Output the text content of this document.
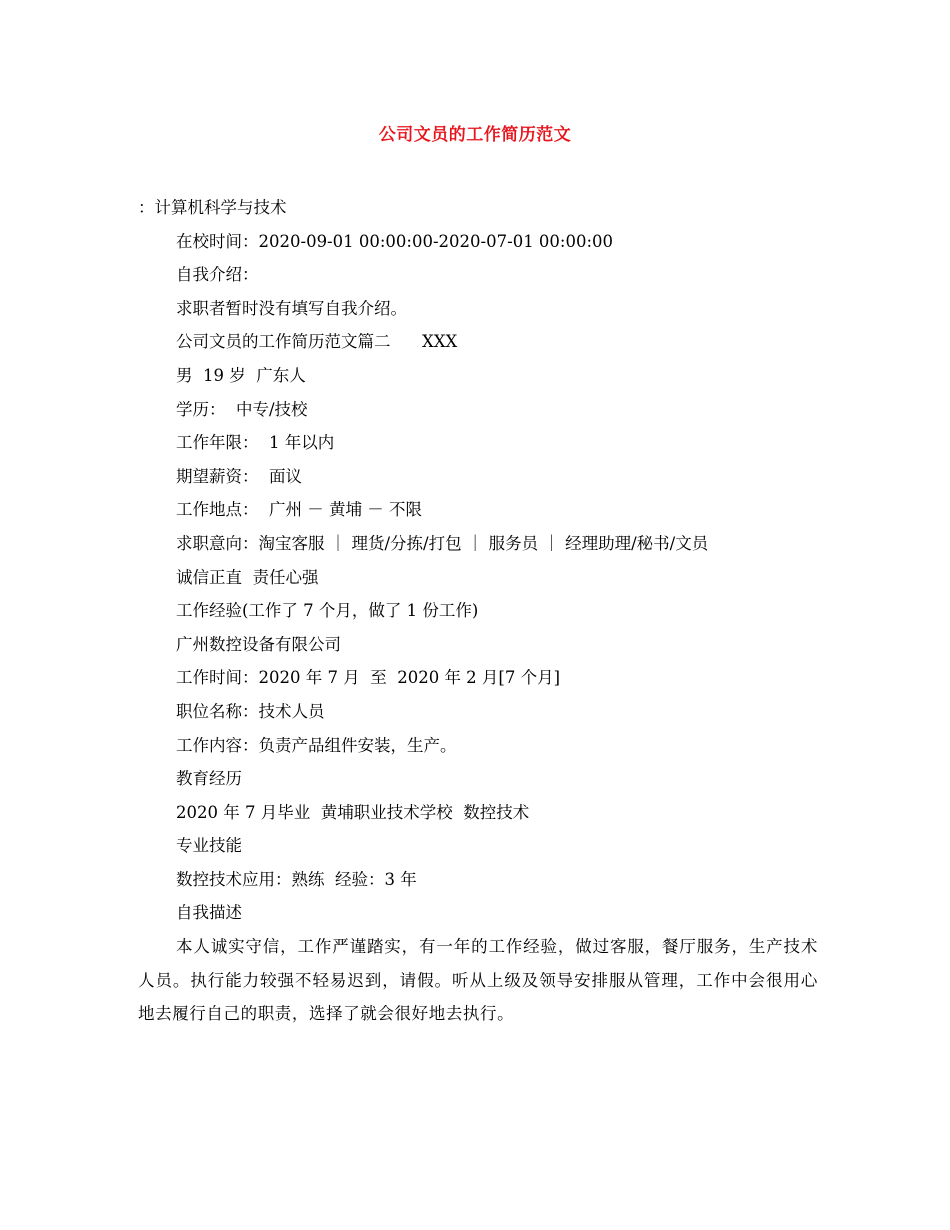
公司文员的工作简历范文
：计算机科学与技术
在校时间：2020-09-01 00:00:00-2020-07-01 00:00:00
自我介绍：
求职者暂时没有填写自我介绍。
公司文员的工作简历范文篇二      XXX
男  19 岁  广东人
学历：  中专/技校
工作年限：  1 年以内
期望薪资：  面议
工作地点：  广州 － 黄埔 － 不限
求职意向：淘宝客服 ｜ 理货/分拣/打包 ｜ 服务员 ｜ 经理助理/秘书/文员
诚信正直  责任心强
工作经验(工作了 7 个月，做了 1 份工作)
广州数控设备有限公司
工作时间：2020 年 7 月  至  2020 年 2 月[7 个月]
职位名称：技术人员
工作内容：负责产品组件安装，生产。
教育经历
2020 年 7 月毕业  黄埔职业技术学校  数控技术
专业技能
数控技术应用：熟练  经验：3 年
自我描述
本人诚实守信，工作严谨踏实，有一年的工作经验，做过客服，餐厅服务，生产技术人员。执行能力较强不轻易迟到，请假。听从上级及领导安排服从管理，工作中会很用心地去履行自己的职责，选择了就会很好地去执行。
